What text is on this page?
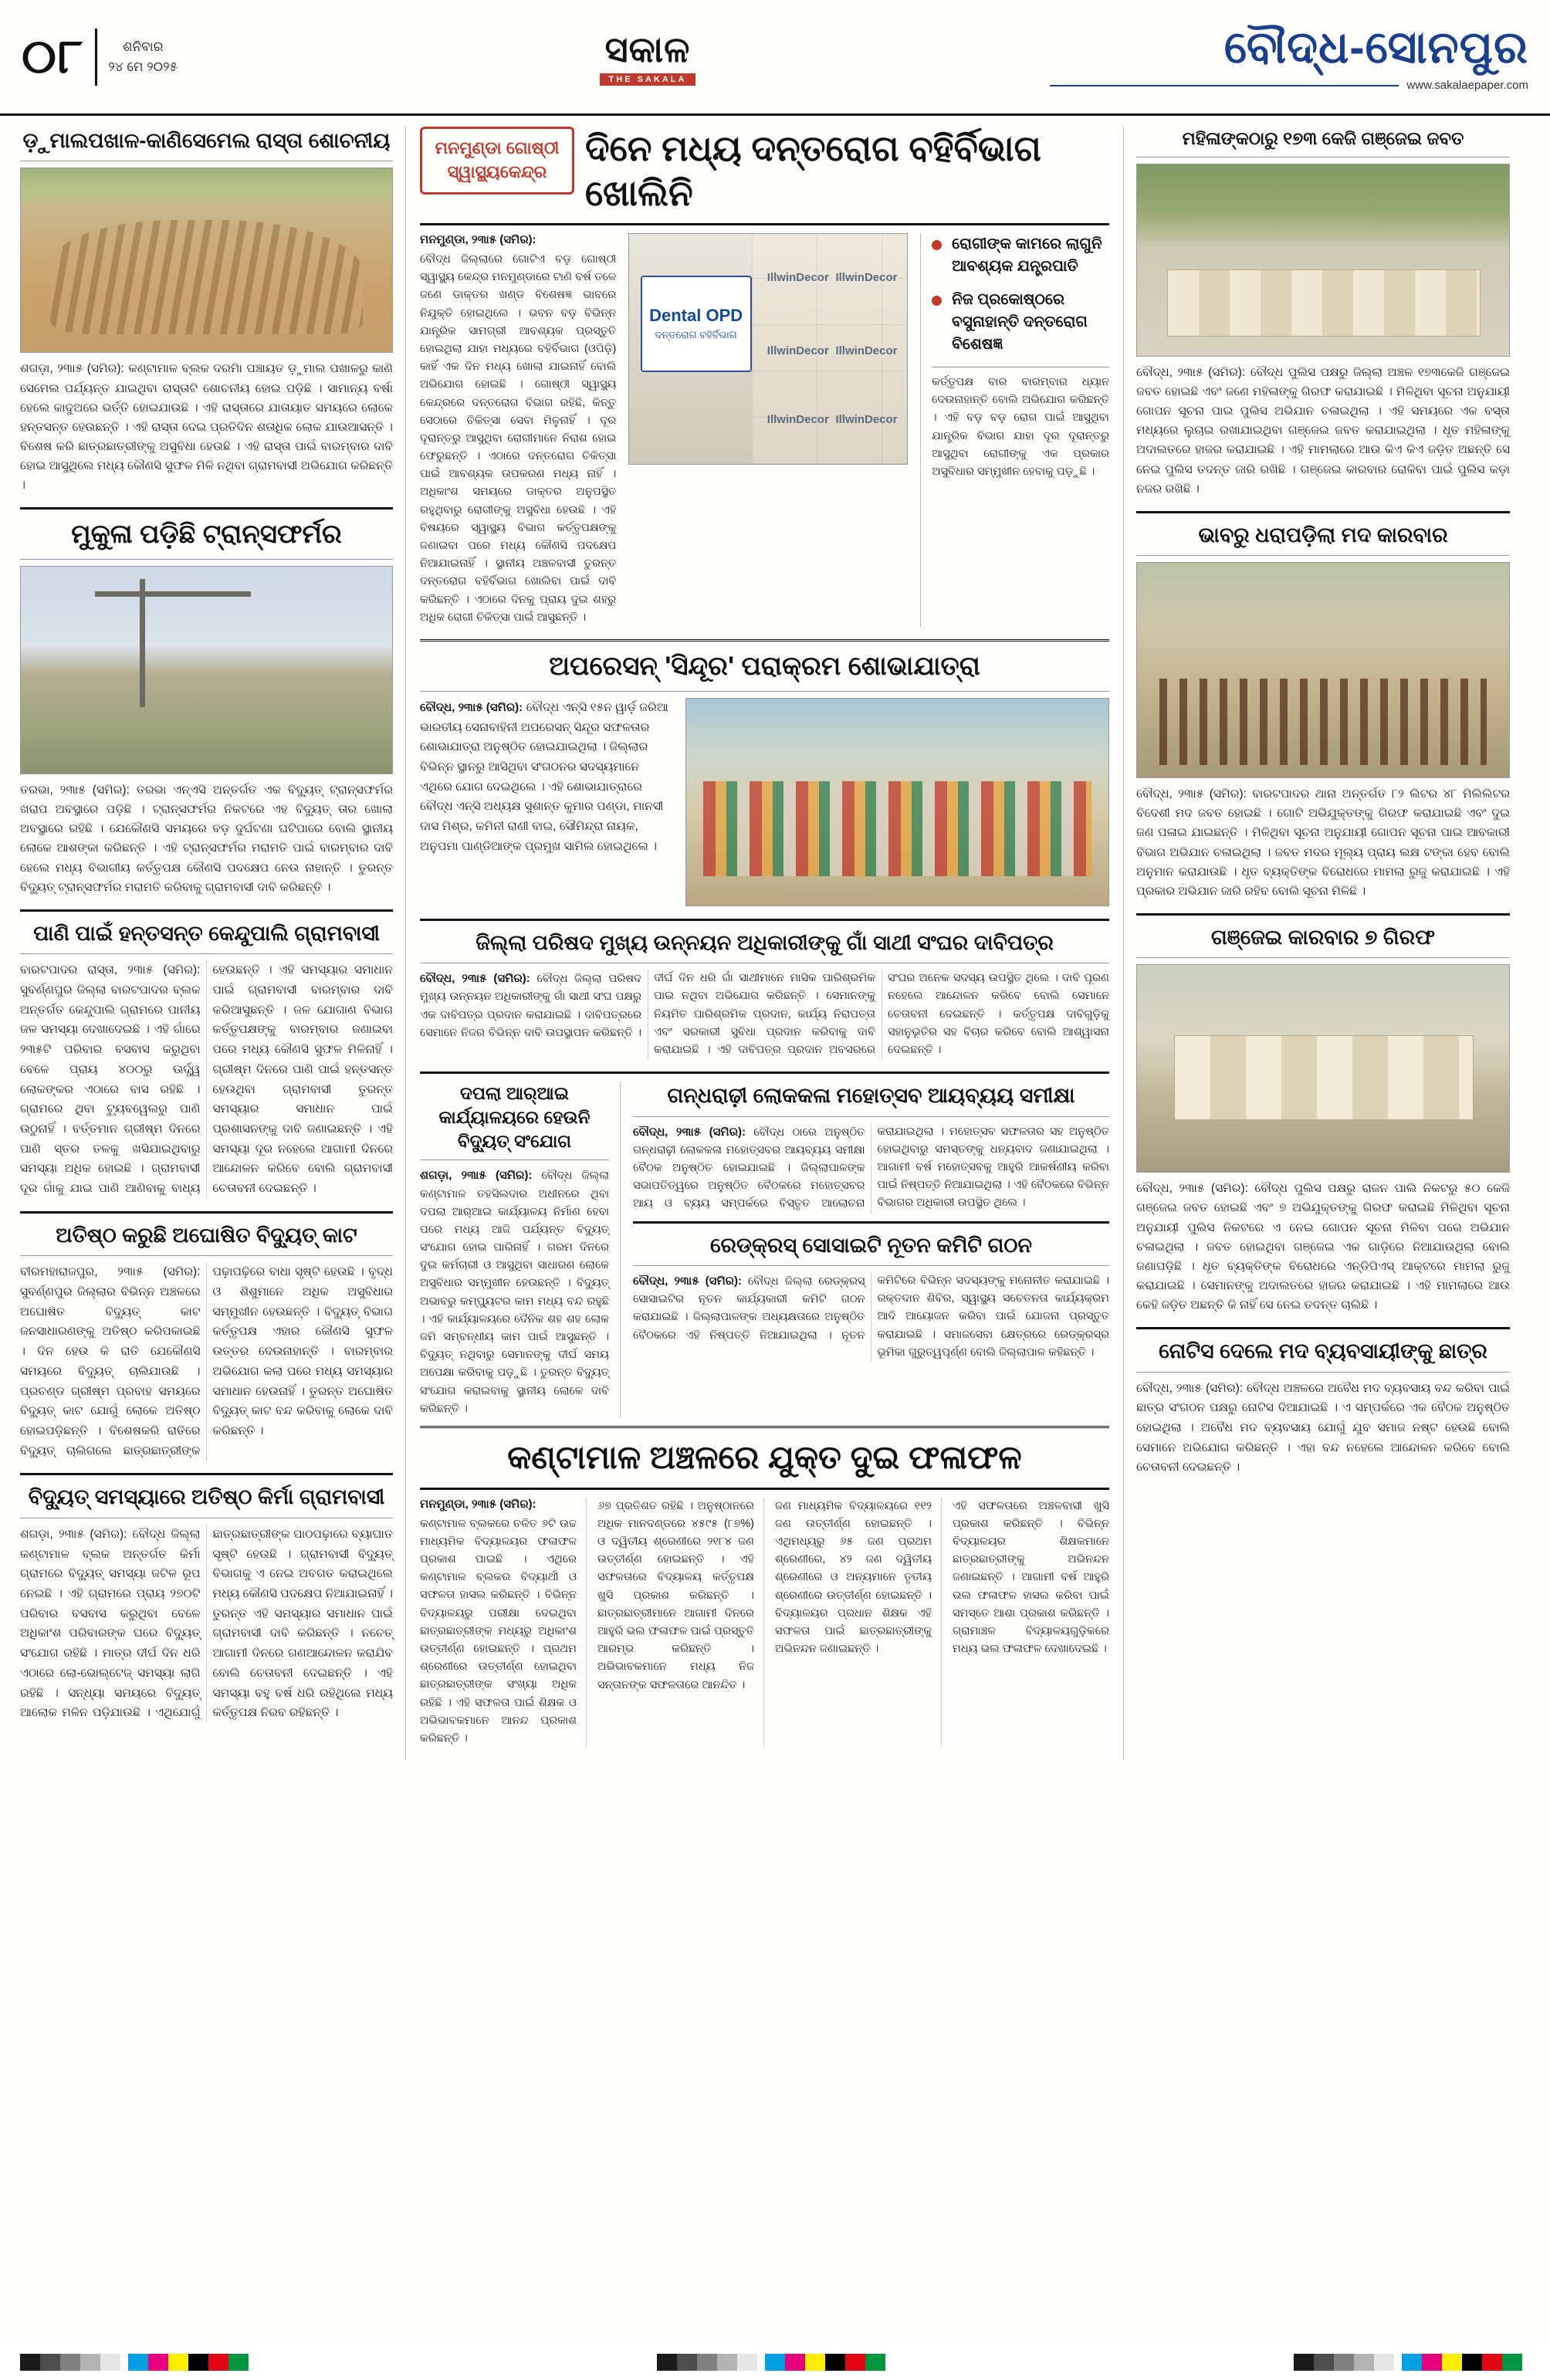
୦୮	ଶନିବାର
୨୪ ମେ ୨୦୨୫	ସକାଳ
THE SAKALA
ବୌଦ୍ଧ-ସୋନପୁର
www.sakalaepaper.com
ଡ଼ୁମାଲପଖାଳ-କାଣିସେମେଲ ରାସ୍ତା ଶୋଚନୀୟ
ଶଗଡ଼ା, ୨୩ା୫ (ସମିର): କଣ୍ଟାମାଳ ବ୍ଲକ ଦରମିା ପଞ୍ଚାୟତ ଡ଼ୁମାଲ ପଖାଳରୁ କାଣି ସେମେଲ ପର୍ଯ୍ୟନ୍ତ ଯାଇଥିବା ରାସ୍ତାଟି ଶୋଚନୀୟ ହୋଇ ପଡ଼ିଛି । ସାମାନ୍ୟ ବର୍ଷା ହେଲେ କାଦୁଅରେ ଭର୍ତ୍ତି ହୋଇଯାଉଛି । ଏହି ରାସ୍ତାରେ ଯାତାୟାତ ସମୟରେ ଲୋକେ ହନ୍ତସନ୍ତ ହେଉଛନ୍ତି । ଏହି ରାସ୍ତା ଦେଇ ପ୍ରତିଦିନ ଶତାଧିକ ଲୋକ ଯାଉଆସନ୍ତି । ବିଶେଷ କରି ଛାତ୍ରଛାତ୍ରୀଙ୍କୁ ଅସୁବିଧା ହେଉଛି । ଏହି ରାସ୍ତା ପାଇଁ ବାରମ୍ବାର ଦାବି ହୋଇ ଆସୁଥିଲେ ମଧ୍ୟ କୌଣସି ସୁଫଳ ମିଳି ନଥିବା ଗ୍ରାମବାସୀ ଅଭିଯୋଗ କରିଛନ୍ତି ।
ମୁକୁଳା ପଡ଼ିଛି ଟ୍ରାନ୍ସଫର୍ମର
ତରଭା, ୨୩ା୫ (ସମିର): ତରଭା ଏନ୍‌ଏସି ଅନ୍ତର୍ଗତ ଏକ ବିଦ୍ୟୁତ୍ ଟ୍ରାନ୍ସଫର୍ମର ଖରାପ ଅବସ୍ଥାରେ ପଡ଼ିଛି । ଟ୍ରାନ୍ସଫର୍ମର ନିକଟରେ ଏହ ବିଦ୍ୟୁତ୍ ତାର ଖୋଲା ଅବସ୍ଥାରେ ରହିଛି । ଯେକୌଣସି ସମୟରେ ବଡ଼ ଦୁର୍ଘଟଣା ଘଟିପାରେ ବୋଲି ସ୍ଥାନୀୟ ଲୋକେ ଆଶଙ୍କା କରିଛନ୍ତି । ଏହି ଟ୍ରାନ୍ସଫର୍ମର ମରାମତି ପାଇଁ ବାରମ୍ବାର ଦାବି ହେଲେ ମଧ୍ୟ ବିଭାଗୀୟ କର୍ତ୍ତୃପକ୍ଷ କୌଣସି ପଦକ୍ଷେପ ନେଉ ନାହାନ୍ତି । ତୁରନ୍ତ ବିଦ୍ୟୁତ୍ ଟ୍ରାନ୍ସଫର୍ମର ମରାମତି କରିବାକୁ ଗ୍ରାମବାସୀ ଦାବି କରିଛନ୍ତି ।
ପାଣି ପାଇଁ ହନ୍ତସନ୍ତ କେନ୍ଦୁପାଲି ଗ୍ରାମବାସୀ
ବାରଟପାଦର ରାସ୍ତା, ୨୩ା୫ (ସମିର): ସୁବର୍ଣ୍ଣପୁର ଜିଲ୍ଲା ବାରଟପାଦର ବ୍ଲକ ଅନ୍ତର୍ଗତ କେନ୍ଦୁପାଲି ଗ୍ରାମରେ ପାନୀୟ ଜଳ ସମସ୍ୟା ଦେଖାଦେଇଛି । ଏହି ଗାଁରେ ୨୩୫ଟି ପରିବାର ବସବାସ କରୁଥିବା ବେଳେ ପ୍ରାୟ ୪୦୦ରୁ ଊର୍ଦ୍ଧ୍ୱ ଲୋକଙ୍କର ଏଠାରେ ବାସ ରହିଛି । ଗ୍ରାମରେ ଥିବା ଟ୍ୟୁବୱେଲରୁ ପାଣି ଉଠୁନାହିଁ । ବର୍ତ୍ତମାନ ଗ୍ରୀଷ୍ମ ଦିନରେ ପାଣି ସ୍ତର ତଳକୁ ଖସିଯାଇଥିବାରୁ ସମସ୍ୟା ଅଧିକ ହୋଇଛି । ଗ୍ରାମବାସୀ ଦୂର ଗାଁକୁ ଯାଇ ପାଣି ଆଣିବାକୁ ବାଧ୍ୟ ହେଉଛନ୍ତି । ଏହି ସମସ୍ୟାର ସମାଧାନ ପାଇଁ ଗ୍ରାମବାସୀ ବାରମ୍ବାର ଦାବି କରିଆସୁଛନ୍ତି । ଜଳ ଯୋଗାଣ ବିଭାଗ କର୍ତ୍ତୃପକ୍ଷଙ୍କୁ ବାରମ୍ବାର ଜଣାଇବା ପରେ ମଧ୍ୟ କୌଣସି ସୁଫଳ ମିଳିନାହିଁ । ଗ୍ରୀଷ୍ମ ଦିନରେ ପାଣି ପାଇଁ ହନ୍ତସନ୍ତ ହେଉଥିବା ଗ୍ରାମବାସୀ ତୁରନ୍ତ ସମସ୍ୟାର ସମାଧାନ ପାଇଁ ପ୍ରଶାସନଙ୍କୁ ଦାବି ଜଣାଇଛନ୍ତି । ଏହି ସମସ୍ୟା ଦୂର ନହେଲେ ଆଗାମୀ ଦିନରେ ଆନ୍ଦୋଳନ କରିବେ ବୋଲି ଗ୍ରାମବାସୀ ଚେତାବନୀ ଦେଇଛନ୍ତି ।
ଅତିଷ୍ଠ କରୁଛି ଅଘୋଷିତ ବିଦ୍ୟୁତ୍ କାଟ
ବୀରମହାରାଜପୁର, ୨୩ା୫ (ସମିର): ସୁବର୍ଣ୍ଣପୁର ଜିଲ୍ଲାର ବିଭିନ୍ନ ଅଞ୍ଚଳରେ ଅଘୋଷିତ ବିଦ୍ୟୁତ୍ କାଟ ଜନସାଧାରଣଙ୍କୁ ଅତିଷ୍ଠ କରିପକାଇଛି । ଦିନ ହେଉ କି ରାତି ଯେକୌଣସି ସମୟରେ ବିଦ୍ୟୁତ୍ ଚାଲିଯାଉଛି । ପ୍ରଚଣ୍ଡ ଗ୍ରୀଷ୍ମ ପ୍ରବାହ ସମୟରେ ବିଦ୍ୟୁତ୍ କାଟ ଯୋଗୁଁ ଲୋକେ ଅତିଷ୍ଠ ହୋଇପଡ଼ିଛନ୍ତି । ବିଶେଷକରି ରାତିରେ ବିଦ୍ୟୁତ୍ ଚାଲିଗଲେ ଛାତ୍ରଛାତ୍ରୀଙ୍କ ପଢ଼ାପଢ଼ିରେ ବାଧା ସୃଷ୍ଟି ହେଉଛି । ବୃଦ୍ଧ ଓ ଶିଶୁମାନେ ଅଧିକ ଅସୁବିଧାର ସମ୍ମୁଖୀନ ହେଉଛନ୍ତି । ବିଦ୍ୟୁତ୍ ବିଭାଗ କର୍ତ୍ତୃପକ୍ଷ ଏହାର କୌଣସି ସୁଫଳ ଉତ୍ତର ଦେଉନାହାନ୍ତି । ବାରମ୍ବାର ଅଭିଯୋଗ କଲା ପରେ ମଧ୍ୟ ସମସ୍ୟାର ସମାଧାନ ହେଉନାହିଁ । ତୁରନ୍ତ ଅଘୋଷିତ ବିଦ୍ୟୁତ୍ କାଟ ବନ୍ଦ କରିବାକୁ ଲୋକେ ଦାବି କରିଛନ୍ତି ।
ବିଦ୍ୟୁତ୍ ସମସ୍ୟାରେ ଅତିଷ୍ଠ କିର୍ମା ଗ୍ରାମବାସୀ
ଶଗଡ଼ା, ୨୩ା୫ (ସମିର): ବୌଦ୍ଧ ଜିଲ୍ଲା କଣ୍ଟାମାଳ ବ୍ଲକ ଅନ୍ତର୍ଗତ କିର୍ମା ଗ୍ରାମରେ ବିଦ୍ୟୁତ୍ ସମସ୍ୟା ଜଟିଳ ରୂପ ନେଇଛି । ଏହି ଗ୍ରାମରେ ପ୍ରାୟ ୨୭୦ଟି ପରିବାର ବସବାସ କରୁଥିବା ବେଳେ ଅଧିକାଂଶ ପରିବାରଙ୍କ ଘରେ ବିଦ୍ୟୁତ୍ ସଂଯୋଗ ରହିଛି । ମାତ୍ର ଦୀର୍ଘ ଦିନ ଧରି ଏଠାରେ ଲୋ-ଭୋଲ୍ଟେଜ୍ ସମସ୍ୟା ଲାଗି ରହିଛି । ସନ୍ଧ୍ୟା ସମୟରେ ବିଦ୍ୟୁତ୍ ଆଲୋକ ମଳିନ ପଡ଼ିଯାଉଛି । ଏଥିଯୋଗୁଁ ଛାତ୍ରଛାତ୍ରୀଙ୍କ ପାଠପଢ଼ାରେ ବ୍ୟାଘାତ ସୃଷ୍ଟି ହେଉଛି । ଗ୍ରାମବାସୀ ବିଦ୍ୟୁତ୍ ବିଭାଗକୁ ଏ ନେଇ ଅବଗତ କରାଇଥିଲେ ମଧ୍ୟ କୌଣସି ପଦକ୍ଷେପ ନିଆଯାଇନାହିଁ । ତୁରନ୍ତ ଏହି ସମସ୍ୟାର ସମାଧାନ ପାଇଁ ଗ୍ରାମବାସୀ ଦାବି କରିଛନ୍ତି । ନଚେତ୍ ଆଗାମୀ ଦିନରେ ଗଣଆନ୍ଦୋଳନ କରାଯିବ ବୋଲି ଚେତାବନୀ ଦେଇଛନ୍ତି । ଏହି ସମସ୍ୟା ବହୁ ବର୍ଷ ଧରି ରହିଥିଲେ ମଧ୍ୟ କର୍ତ୍ତୃପକ୍ଷ ନିରବ ରହିଛନ୍ତି ।
ମନମୁଣ୍ଡା ଗୋଷ୍ଠୀ ସ୍ୱାସ୍ଥ୍ୟକେନ୍ଦ୍ର
ଦିନେ ମଧ୍ୟ ଦନ୍ତରୋଗ ବହିର୍ବିଭାଗ ଖୋଲିନି
ମନମୁଣ୍ଡା, ୨୩ା୫ (ସମିର):
ବୌଦ୍ଧ ଜିଲ୍ଲାରେ ଗୋଟିଏ ବଡ଼ ଗୋଷ୍ଠୀ ସ୍ୱାସ୍ଥ୍ୟ କେନ୍ଦ୍ର ମନମୁଣ୍ଡାରେ ଟାଣି ବର୍ଷ ତଳେ ଜଣେ ଡାକ୍ତର ଖଣ୍ଡ ବିଶେଷଜ୍ଞ ଭାବରେ ନିଯୁକ୍ତି ହୋଇଥିଲେ । ଭବନ ବଡ଼ ବିଭିନ୍ନ ଯାନ୍ତ୍ରିକ ସାମଗ୍ରୀ ଆବଶ୍ୟକ ପ୍ରସ୍ତୁତି ହୋଇଥିଲା ଯାହା ମଧ୍ୟରେ ବହିର୍ବିଭାଗ (ଓପିଡ଼ି) କାହିଁ ଏକ ଦିନ ମଧ୍ୟ ଖୋଲା ଯାଇନାହିଁ ବୋଲି ଅଭିଯୋଗ ହୋଇଛି । ଗୋଷ୍ଠୀ ସ୍ୱାସ୍ଥ୍ୟ କେନ୍ଦ୍ରରେ ଦନ୍ତରୋଗ ବିଭାଗ ରହିଛି, କିନ୍ତୁ ସେଠାରେ ଚିକିତ୍ସା ସେବା ମିଳୁନାହିଁ । ଦୂର ଦୂରାନ୍ତରୁ ଆସୁଥିବା ରୋଗୀମାନେ ନିରାଶ ହୋଇ ଫେରୁଛନ୍ତି । ଏଠାରେ ଦନ୍ତରୋଗ ଚିକିତ୍ସା ପାଇଁ ଆବଶ୍ୟକ ଉପକରଣ ମଧ୍ୟ ନାହିଁ । ଅଧିକାଂଶ ସମୟରେ ଡାକ୍ତର ଅନୁପସ୍ଥିତ ରହୁଥିବାରୁ ରୋଗୀଙ୍କୁ ଅସୁବିଧା ହେଉଛି । ଏହି ବିଷୟରେ ସ୍ୱାସ୍ଥ୍ୟ ବିଭାଗ କର୍ତ୍ତୃପକ୍ଷଙ୍କୁ ଜଣାଇବା ପରେ ମଧ୍ୟ କୌଣସି ପଦକ୍ଷେପ ନିଆଯାଇନାହିଁ । ସ୍ଥାନୀୟ ଅଞ୍ଚଳବାସୀ ତୁରନ୍ତ ଦନ୍ତରୋଗ ବହିର୍ବିଭାଗ ଖୋଲିବା ପାଇଁ ଦାବି କରିଛନ୍ତି । ଏଠାରେ ଦିନକୁ ପ୍ରାୟ ଦୁଇ ଶହରୁ ଅଧିକ ରୋଗୀ ଚିକିତ୍ସା ପାଇଁ ଆସୁଛନ୍ତି ।
Dental OPD
ଦନ୍ତରୋଗ ବହିର୍ବିଭାଗ
IllwinDecor IllwinDecor
IllwinDecor IllwinDecor
IllwinDecor IllwinDecor
ରୋଗୀଙ୍କ କାମରେ ଲାଗୁନି ଆବଶ୍ୟକ ଯନ୍ତ୍ରପାତି
ନିଜ ପ୍ରକୋଷ୍ଠରେ ବସୁନାହାନ୍ତି ଦନ୍ତରୋଗ ବିଶେଷଜ୍ଞ
କର୍ତ୍ତୃପକ୍ଷ ବାର ବାରମ୍ବାର ଧ୍ୟାନ ଦେଉନାହାନ୍ତି ବୋଲି ଅଭିଯୋଗ କରିଛନ୍ତି । ଏହି ବଡ଼ ବଡ଼ ରୋଗ ପାଇଁ ଆସୁଥିବା ଯାନ୍ତ୍ରିକ ବିଭାଗ ଯାହା ଦୂର ଦୂରାନ୍ତରୁ ଆସୁଥିବା ରୋଗୀଙ୍କୁ ଏକ ପ୍ରକାର ଅସୁବିଧାର ସମ୍ମୁଖୀନ ହେବାକୁ ପଡ଼ୁଛି ।
ଅପରେସନ୍ 'ସିନ୍ଦୂର' ପରାକ୍ରମ ଶୋଭାଯାତ୍ରା
ବୌଦ୍ଧ, ୨୩ା୫ (ସମିର): ବୌଦ୍ଧ ଏନ୍‌ସି ୧୫ନ ୱାର୍ଡ଼ ଜରିଆ ଭାରତୀୟ ସେନାବାହିନୀ ଅପରେସନ୍ ସିନ୍ଦୂର ସଫଳତାର ଶୋଭାଯାତ୍ରା ଅନୁଷ୍ଠିତ ହୋଇଯାଇଥିଲା । ଜିଲ୍ଲାର ବିଭିନ୍ନ ସ୍ଥାନରୁ ଆସିଥିବା ସଂଗଠନର ସଦସ୍ୟମାନେ ଏଥିରେ ଯୋଗ ଦେଇଥିଲେ । ଏହି ଶୋଭାଯାତ୍ରାରେ ବୌଦ୍ଧ ଏନ୍‌ସି ଅଧ୍ୟକ୍ଷ ସୁଶାନ୍ତ କୁମାର ପଣ୍ଡା, ମାନସୀ ଦାସ ମିଶ୍ର, କମିନୀ ରାଣୀ ବାଇ, ସୌମିନ୍ଦ୍ରା ନାୟକ, ଅନୁପମା ପାଣ୍ଡିଆଙ୍କ ପ୍ରମୁଖ ସାମିଲ ହୋଇଥିଲେ ।
ଜିଲ୍ଲା ପରିଷଦ ମୁଖ୍ୟ ଉନ୍ନୟନ ଅଧିକାରୀଙ୍କୁ ଗାଁ ସାଥୀ ସଂଘର ଦାବିପତ୍ର
ବୌଦ୍ଧ, ୨୩ା୫ (ସମିର): ବୌଦ୍ଧ ଜିଲ୍ଲା ପରିଷଦ ମୁଖ୍ୟ ଉନ୍ନୟନ ଅଧିକାରୀଙ୍କୁ ଗାଁ ସାଥୀ ସଂଘ ପକ୍ଷରୁ ଏକ ଦାବିପତ୍ର ପ୍ରଦାନ କରାଯାଇଛି । ଦାବିପତ୍ରରେ ସେମାନେ ନିଜର ବିଭିନ୍ନ ଦାବି ଉପସ୍ଥାପନ କରିଛନ୍ତି । ଦୀର୍ଘ ଦିନ ଧରି ଗାଁ ସାଥୀମାନେ ମାସିକ ପାରିଶ୍ରମିକ ପାଇ ନଥିବା ଅଭିଯୋଗ କରିଛନ୍ତି । ସେମାନଙ୍କୁ ନିୟମିତ ପାରିଶ୍ରମିକ ପ୍ରଦାନ, କାର୍ଯ୍ୟ ନିରାପତ୍ତା ଏବଂ ସରକାରୀ ସୁବିଧା ପ୍ରଦାନ କରିବାକୁ ଦାବି କରାଯାଇଛି । ଏହି ଦାବିପତ୍ର ପ୍ରଦାନ ଅବସରରେ ସଂଘର ଅନେକ ସଦସ୍ୟ ଉପସ୍ଥିତ ଥିଲେ । ଦାବି ପୂରଣ ନହେଲେ ଆନ୍ଦୋଳନ କରିବେ ବୋଲି ସେମାନେ ଚେତାବନୀ ଦେଇଛନ୍ତି । କର୍ତ୍ତୃପକ୍ଷ ଦାବିଗୁଡ଼ିକୁ ସହାନୁଭୂତିର ସହ ବିଚାର କରିବେ ବୋଲି ଆଶ୍ୱାସନା ଦେଇଛନ୍ତି ।
ଦପଲା ଆର୍‌ଆଇ କାର୍ଯ୍ୟାଳୟରେ ହେଉନି ବିଦ୍ୟୁତ୍ ସଂଯୋଗ
ଶଗଡ଼ା, ୨୩ା୫ (ସମିର): ବୌଦ୍ଧ ଜିଲ୍ଲା କଣ୍ଟାମାଳ ତହସିଲଦାର ଅଧୀନରେ ଥିବା ଦପଲା ଆର୍‌ଆଇ କାର୍ଯ୍ୟାଳୟ ନିର୍ମାଣ ହେବା ପରେ ମଧ୍ୟ ଆଜି ପର୍ଯ୍ୟନ୍ତ ବିଦ୍ୟୁତ୍ ସଂଯୋଗ ହୋଇ ପାରିନାହିଁ । ଗରମ ଦିନରେ ଦୁଇ କର୍ମଚାରୀ ଓ ଆସୁଥିବା ସାଧାରଣ ଲୋକେ ଅସୁବିଧାର ସମ୍ମୁଖୀନ ହେଉଛନ୍ତି । ବିଦ୍ୟୁତ୍ ଅଭାବରୁ କମ୍ପ୍ୟୁଟର କାମ ମଧ୍ୟ ବନ୍ଦ ରହୁଛି । ଏହି କାର୍ଯ୍ୟାଳୟରେ ଦୈନିକ ଶହ ଶହ ଲୋକ ଜମି ସମ୍ବନ୍ଧୀୟ କାମ ପାଇଁ ଆସୁଛନ୍ତି । ବିଦ୍ୟୁତ୍ ନଥିବାରୁ ସେମାନଙ୍କୁ ଦୀର୍ଘ ସମୟ ଅପେକ୍ଷା କରିବାକୁ ପଡ଼ୁଛି । ତୁରନ୍ତ ବିଦ୍ୟୁତ୍ ସଂଯୋଗ କରାଇବାକୁ ସ୍ଥାନୀୟ ଲୋକେ ଦାବି କରିଛନ୍ତି ।
ଗନ୍ଧରାଢ଼ୀ ଲୋକକଳା ମହୋତ୍ସବ ଆୟବ୍ୟୟ ସମୀକ୍ଷା
ବୌଦ୍ଧ, ୨୩ା୫ (ସମିର): ବୌଦ୍ଧ ଠାରେ ଅନୁଷ୍ଠିତ ଗନ୍ଧରାଢ଼ୀ ଲୋକକଳା ମହୋତ୍ସବର ଆୟବ୍ୟୟ ସମୀକ୍ଷା ବୈଠକ ଅନୁଷ୍ଠିତ ହୋଇଯାଇଛି । ଜିଲ୍ଲାପାଳଙ୍କ ସଭାପତିତ୍ୱରେ ଅନୁଷ୍ଠିତ ବୈଠକରେ ମହୋତ୍ସବର ଆୟ ଓ ବ୍ୟୟ ସମ୍ପର୍କରେ ବିସ୍ତୃତ ଆଲୋଚନା କରାଯାଇଥିଲା । ମହୋତ୍ସବ ସଫଳତାର ସହ ଅନୁଷ୍ଠିତ ହୋଇଥିବାରୁ ସମସ୍ତଙ୍କୁ ଧନ୍ୟବାଦ ଜଣାଯାଇଥିଲା । ଆଗାମୀ ବର୍ଷ ମହୋତ୍ସବକୁ ଆହୁରି ଆକର୍ଷଣୀୟ କରିବା ପାଇଁ ନିଷ୍ପତ୍ତି ନିଆଯାଇଥିଲା । ଏହି ବୈଠକରେ ବିଭିନ୍ନ ବିଭାଗର ଅଧିକାରୀ ଉପସ୍ଥିତ ଥିଲେ ।
ରେଡ୍‌କ୍ରସ୍ ସୋସାଇଟି ନୂତନ କମିଟି ଗଠନ
ବୌଦ୍ଧ, ୨୩ା୫ (ସମିର): ବୌଦ୍ଧ ଜିଲ୍ଲା ରେଡ୍‌କ୍ରସ୍ ସୋସାଇଟିର ନୂତନ କାର୍ଯ୍ୟକାରୀ କମିଟି ଗଠନ କରାଯାଇଛି । ଜିଲ୍ଲାପାଳଙ୍କ ଅଧ୍ୟକ୍ଷତାରେ ଅନୁଷ୍ଠିତ ବୈଠକରେ ଏହି ନିଷ୍ପତ୍ତି ନିଆଯାଇଥିଲା । ନୂତନ କମିଟିରେ ବିଭିନ୍ନ ସଦସ୍ୟଙ୍କୁ ମନୋନୀତ କରାଯାଇଛି । ରକ୍ତଦାନ ଶିବିର, ସ୍ୱାସ୍ଥ୍ୟ ସଚେତନତା କାର୍ଯ୍ୟକ୍ରମ ଆଦି ଆୟୋଜନ କରିବା ପାଇଁ ଯୋଜନା ପ୍ରସ୍ତୁତ କରାଯାଇଛି । ସମାଜସେବା କ୍ଷେତ୍ରରେ ରେଡ୍‌କ୍ରସ୍‌ର ଭୂମିକା ଗୁରୁତ୍ୱପୂର୍ଣ୍ଣ ବୋଲି ଜିଲ୍ଲାପାଳ କହିଛନ୍ତି ।
କଣ୍ଟାମାଳ ଅଞ୍ଚଳରେ ଯୁକ୍ତ ଦୁଇ ଫଳାଫଳ
ମନମୁଣ୍ଡା, ୨୩ା୫ (ସମିର):
କଣ୍ଟାମାଳ ବ୍ଲକରେ ଚଳିତ ୬ଟି ଉଚ୍ଚ ମାଧ୍ୟମିକ ବିଦ୍ୟାଳୟର ଫଳାଫଳ ପ୍ରକାଶ ପାଇଛି । ଏଥିରେ କଣ୍ଟାମାଳ ବ୍ଲକର ବିଦ୍ୟାର୍ଥୀ ଓ ସଫଳତା ହାସଲ କରିଛନ୍ତି । ବିଭିନ୍ନ ବିଦ୍ୟାଳୟରୁ ପରୀକ୍ଷା ଦେଇଥିବା ଛାତ୍ରଛାତ୍ରୀଙ୍କ ମଧ୍ୟରୁ ଅଧିକାଂଶ ଉତ୍ତୀର୍ଣ୍ଣ ହୋଇଛନ୍ତି । ପ୍ରଥମ ଶ୍ରେଣୀରେ ଉତ୍ତୀର୍ଣ୍ଣ ହୋଇଥିବା ଛାତ୍ରଛାତ୍ରୀଙ୍କ ସଂଖ୍ୟା ଅଧିକ ରହିଛି । ଏହି ସଫଳତା ପାଇଁ ଶିକ୍ଷକ ଓ ଅଭିଭାବକମାନେ ଆନନ୍ଦ ପ୍ରକାଶ କରିଛନ୍ତି ।
୬୭ ପ୍ରତିଶତ ରହିଛି । ଅନୁଷ୍ଠାନରେ ଅଧିକ ମାନଦଣ୍ଡରେ ୪୫୯୫ (୮୭%) ଓ ଦ୍ୱିତୀୟ ଶ୍ରେଣୀରେ ୨୧୮୪ ଜଣ ଉତ୍ତୀର୍ଣ୍ଣ ହୋଇଛନ୍ତି । ଏହି ସଫଳତାରେ ବିଦ୍ୟାଳୟ କର୍ତ୍ତୃପକ୍ଷ ଖୁସି ପ୍ରକାଶ କରିଛନ୍ତି । ଛାତ୍ରଛାତ୍ରୀମାନେ ଆଗାମୀ ଦିନରେ ଆହୁରି ଭଲ ଫଳାଫଳ ପାଇଁ ପ୍ରସ୍ତୁତି ଆରମ୍ଭ କରିଛନ୍ତି । ଅଭିଭାବକମାନେ ମଧ୍ୟ ନିଜ ସନ୍ତାନଙ୍କ ସଫଳତାରେ ଆନନ୍ଦିତ ।
ଜଣ ମାଧ୍ୟମିକ ବିଦ୍ୟାଳୟରେ ୧୧୨ ଜଣ ଉତ୍ତୀର୍ଣ୍ଣ ହୋଇଛନ୍ତି । ଏଥିମଧ୍ୟରୁ ୬୫ ଜଣ ପ୍ରଥମ ଶ୍ରେଣୀରେ, ୪୨ ଜଣ ଦ୍ୱିତୀୟ ଶ୍ରେଣୀରେ ଓ ଅନ୍ୟମାନେ ତୃତୀୟ ଶ୍ରେଣୀରେ ଉତ୍ତୀର୍ଣ୍ଣ ହୋଇଛନ୍ତି । ବିଦ୍ୟାଳୟର ପ୍ରଧାନ ଶିକ୍ଷକ ଏହି ସଫଳତା ପାଇଁ ଛାତ୍ରଛାତ୍ରୀଙ୍କୁ ଅଭିନନ୍ଦନ ଜଣାଇଛନ୍ତି ।
ଏହି ସଫଳତାରେ ଅଞ୍ଚଳବାସୀ ଖୁସି ପ୍ରକାଶ କରିଛନ୍ତି । ବିଭିନ୍ନ ବିଦ୍ୟାଳୟର ଶିକ୍ଷକମାନେ ଛାତ୍ରଛାତ୍ରୀଙ୍କୁ ଅଭିନନ୍ଦନ ଜଣାଇଛନ୍ତି । ଆଗାମୀ ବର୍ଷ ଆହୁରି ଭଲ ଫଳାଫଳ ହାସଲ କରିବା ପାଇଁ ସମସ୍ତେ ଆଶା ପ୍ରକାଶ କରିଛନ୍ତି । ଗ୍ରାମାଞ୍ଚଳ ବିଦ୍ୟାଳୟଗୁଡ଼ିକରେ ମଧ୍ୟ ଭଲ ଫଳାଫଳ ଦେଖାଦେଇଛି ।
ମହିଳାଙ୍କଠାରୁ ୧୭୩ କେଜି ଗଞ୍ଜେଇ ଜବତ
ବୌଦ୍ଧ, ୨୩ା୫ (ସମିର): ବୌଦ୍ଧ ପୁଲିସ ପକ୍ଷରୁ ଜିଲ୍ଲା ଅଞ୍ଚଳ ୧୭୩କେଜି ଗଞ୍ଜେଇ ଜବତ ହୋଇଛି ଏବଂ ଜଣେ ମହିଳାଙ୍କୁ ଗିରଫ କରାଯାଇଛି । ମିଳିଥିବା ସୂଚନା ଅନୁଯାୟୀ ଗୋପନ ସୂଚନା ପାଇ ପୁଲିସ ଅଭିଯାନ ଚଳାଇଥିଲା । ଏହି ସମୟରେ ଏକ ବସ୍ତା ମଧ୍ୟରେ ଲୁଚାଇ ରଖାଯାଇଥିବା ଗଞ୍ଜେଇ ଜବତ କରାଯାଇଥିଲା । ଧୃତ ମହିଳାଙ୍କୁ ଅଦାଲତରେ ହାଜର କରାଯାଇଛି । ଏହି ମାମଲାରେ ଆଉ କିଏ କିଏ ଜଡ଼ିତ ଅଛନ୍ତି ସେ ନେଇ ପୁଲିସ ତଦନ୍ତ ଜାରି ରଖିଛି । ଗଞ୍ଜେଇ କାରବାର ରୋକିବା ପାଇଁ ପୁଲିସ କଡ଼ା ନଜର ରଖିଛି ।
ଭାବରୁ ଧରାପଡ଼ିଲା ମଦ କାରବାର
ବୌଦ୍ଧ, ୨୩ା୫ (ସମିର): ବାରଟପାଦର ଥାନା ଅନ୍ତର୍ଗତ ୮୨ ଲିଟର ୪୮ ମିଲିଲିଟର ବିଦେଶୀ ମଦ ଜବତ ହୋଇଛି । ଗୋଟି ଅଭିଯୁକ୍ତଙ୍କୁ ଗିରଫ କରାଯାଇଛି ଏବଂ ଦୁଇ ଜଣ ପଳାଇ ଯାଇଛନ୍ତି । ମିଳିଥିବା ସୂଚନା ଅନୁଯାୟୀ ଗୋପନ ସୂଚନା ପାଇ ଆବକାରୀ ବିଭାଗ ଅଭିଯାନ ଚଳାଇଥିଲା । ଜବତ ମଦର ମୂଲ୍ୟ ପ୍ରାୟ ଲକ୍ଷ ଟଙ୍କା ହେବ ବୋଲି ଅନୁମାନ କରାଯାଉଛି । ଧୃତ ବ୍ୟକ୍ତିଙ୍କ ବିରୋଧରେ ମାମଲା ରୁଜୁ କରାଯାଇଛି । ଏହି ପ୍ରକାର ଅଭିଯାନ ଜାରି ରହିବ ବୋଲି ସୂଚନା ମିଳିଛି ।
ଗଞ୍ଜେଇ କାରବାର ୭ ଗିରଫ
ବୌଦ୍ଧ, ୨୩ା୫ (ସମିର): ବୌଦ୍ଧ ପୁଲିସ ପକ୍ଷରୁ ରାଜନ ପାଲି ନିକଟରୁ ୫୦ କେଜି ଗଞ୍ଜେଇ ଜବତ ହୋଇଛି ଏବଂ ୭ ଅଭିଯୁକ୍ତଙ୍କୁ ଗିରଫ କରାଇଛି ମିଳିଥିବା ସୂଚନା ଅନୁଯାୟୀ ପୁଲିସ ନିକଟରେ ଏ ନେଇ ଗୋପନ ସୂଚନା ମିଳିବା ପରେ ଅଭିଯାନ ଚଳାଇଥିଲା । ଜବତ ହୋଇଥିବା ଗଞ୍ଜେଇ ଏକ ଗାଡ଼ିରେ ନିଆଯାଉଥିଲା ବୋଲି ଜଣାପଡ଼ିଛି । ଧୃତ ବ୍ୟକ୍ତିଙ୍କ ବିରୋଧରେ ଏନ୍‌ଡିପିଏସ୍ ଆକ୍ଟରେ ମାମଲା ରୁଜୁ କରାଯାଇଛି । ସେମାନଙ୍କୁ ଅଦାଲତରେ ହାଜର କରାଯାଇଛି । ଏହି ମାମଲାରେ ଆଉ କେହି ଜଡ଼ିତ ଅଛନ୍ତି କି ନାହିଁ ସେ ନେଇ ତଦନ୍ତ ଚାଲିଛି ।
ନୋଟିସ ଦେଲେ ମଦ ବ୍ୟବସାୟୀଙ୍କୁ ଛାତ୍ର
ବୌଦ୍ଧ, ୨୩ା୫ (ସମିର): ବୌଦ୍ଧ ଅଞ୍ଚଳରେ ଅବୈଧ ମଦ ବ୍ୟବସାୟ ବନ୍ଦ କରିବା ପାଇଁ ଛାତ୍ର ସଂଗଠନ ପକ୍ଷରୁ ନୋଟିସ ଦିଆଯାଇଛି । ଏ ସମ୍ପର୍କରେ ଏକ ବୈଠକ ଅନୁଷ୍ଠିତ ହୋଇଥିଲା । ଅବୈଧ ମଦ ବ୍ୟବସାୟ ଯୋଗୁଁ ଯୁବ ସମାଜ ନଷ୍ଟ ହେଉଛି ବୋଲି ସେମାନେ ଅଭିଯୋଗ କରିଛନ୍ତି । ଏହା ବନ୍ଦ ନହେଲେ ଆନ୍ଦୋଳନ କରିବେ ବୋଲି ଚେତାବନୀ ଦେଇଛନ୍ତି ।
